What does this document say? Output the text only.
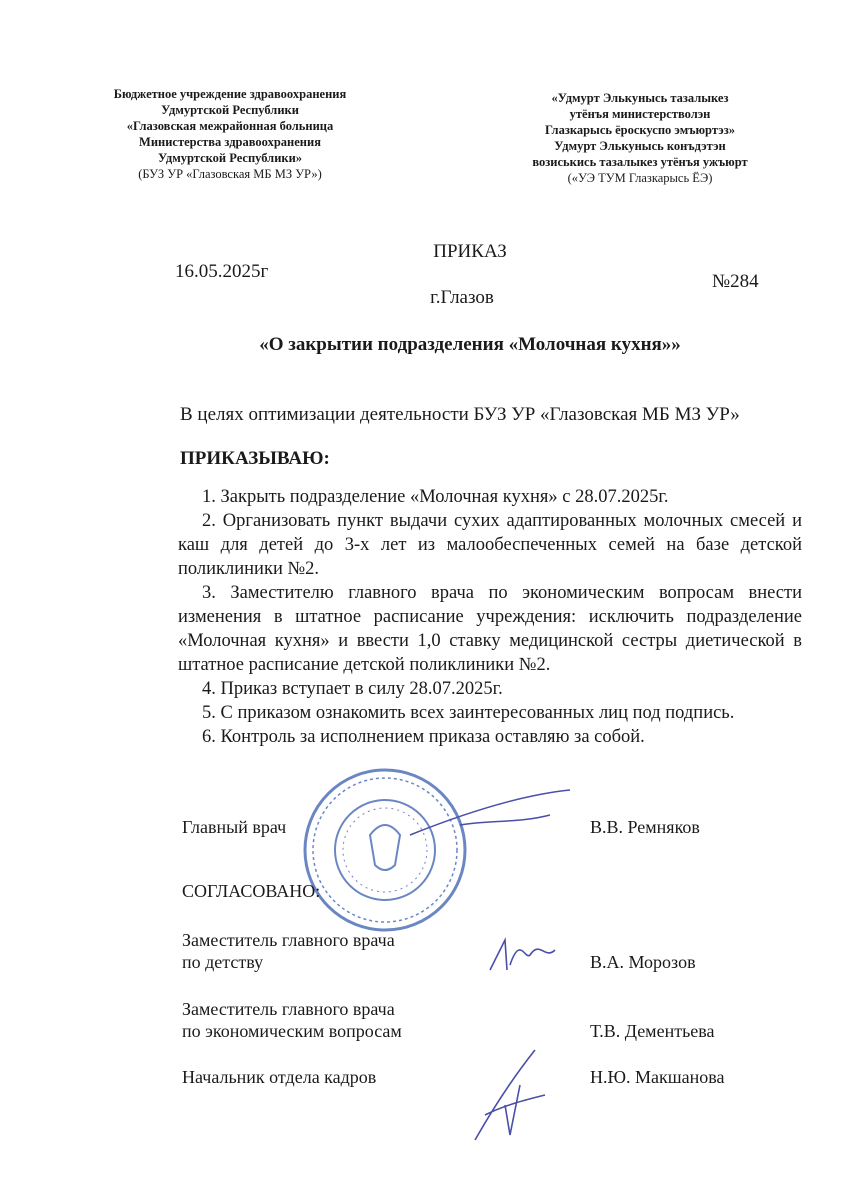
Бюджетное учреждение здравоохранения
Удмуртской Республики
«Глазовская межрайонная больница
Министерства здравоохранения
Удмуртской Республики»
(БУЗ УР «Глазовская МБ МЗ УР»)
«Удмурт Элькунысь тазалыкез
утёнъя министерстволэн
Глазкарысь ёроскуспо эмъюртэз»
Удмурт Элькунысь конъдэтэн
возиськись тазалыкез утёнъя ужъюрт
(«УЭ ТУМ Глазкарысь ЁЭ)
ПРИКАЗ
16.05.2025г	№284
г.Глазов
«О закрытии подразделения «Молочная кухня»»
В целях оптимизации деятельности БУЗ УР «Глазовская МБ МЗ УР»
ПРИКАЗЫВАЮ:

1. Закрыть подразделение «Молочная кухня» с 28.07.2025г.

2. Организовать пункт выдачи сухих адаптированных молочных смесей и каш для детей до 3-х лет из малообеспеченных семей на базе детской поликлиники №2.

3. Заместителю главного врача по экономическим вопросам внести изменения в штатное расписание учреждения: исключить подразделение «Молочная кухня» и ввести 1,0 ставку медицинской сестры диетической в штатное расписание детской поликлиники №2.

4. Приказ вступает в силу 28.07.2025г.

5. С приказом ознакомить всех заинтересованных лиц под подпись.

6. Контроль за исполнением приказа оставляю за собой.

Главный врач	В.В. Ремняков
СОГЛАСОВАНО:
Заместитель главного врача
по детству	В.А. Морозов
Заместитель главного врача
по экономическим вопросам	Т.В. Дементьева
Начальник отдела кадров	Н.Ю. Макшанова
